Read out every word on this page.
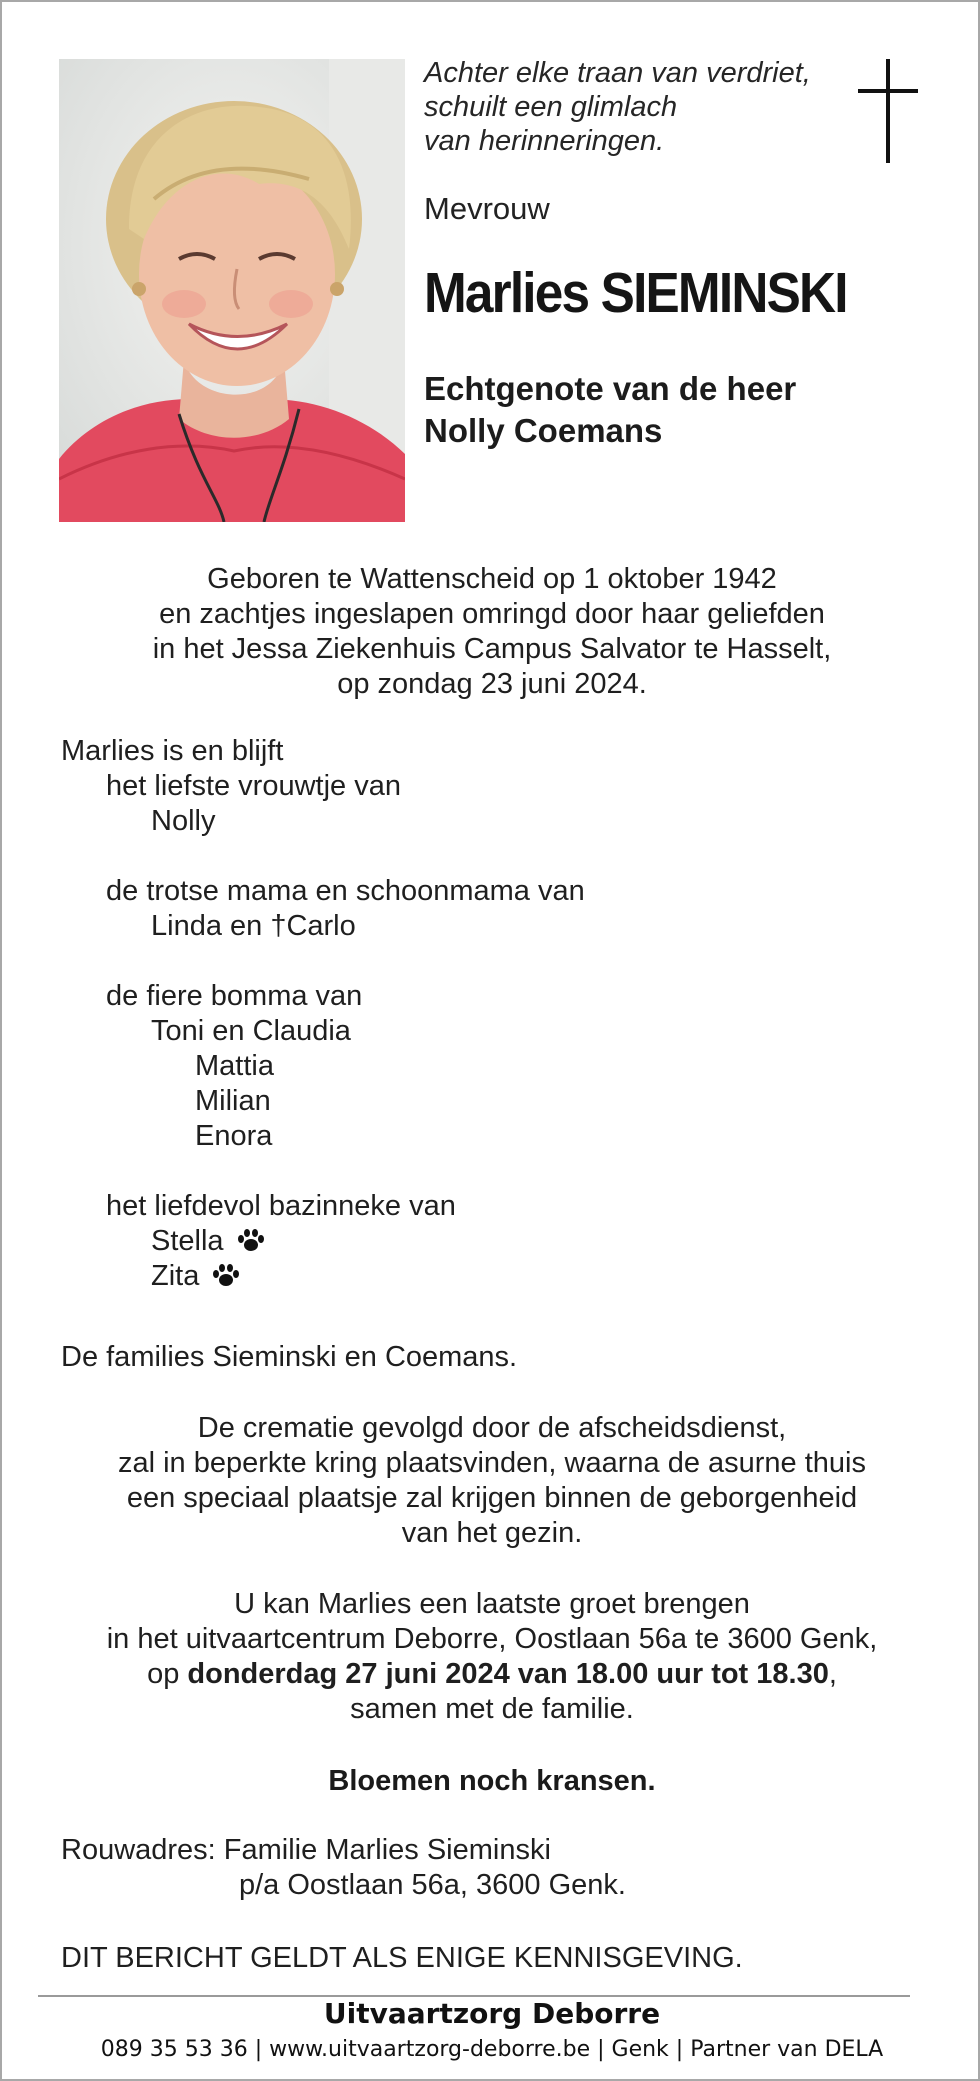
Achter elke traan van verdriet,
schuilt een glimlach
van herinneringen.
Mevrouw
Marlies SIEMINSKI
Echtgenote van de heer
Nolly Coemans
Geboren te Wattenscheid op 1 oktober 1942
en zachtjes ingeslapen omringd door haar geliefden
in het Jessa Ziekenhuis Campus Salvator te Hasselt,
op zondag 23 juni 2024.
Marlies is en blijft
het liefste vrouwtje van
Nolly
de trotse mama en schoonmama van
Linda en †Carlo
de fiere bomma van
Toni en Claudia
Mattia
Milian
Enora
het liefdevol bazinneke van
Stella
Zita
De families Sieminski en Coemans.
De crematie gevolgd door de afscheidsdienst,
zal in beperkte kring plaatsvinden, waarna de asurne thuis
een speciaal plaatsje zal krijgen binnen de geborgenheid
van het gezin.
U kan Marlies een laatste groet brengen
in het uitvaartcentrum Deborre, Oostlaan 56a te 3600 Genk,
op donderdag 27 juni 2024 van 18.00 uur tot 18.30,
samen met de familie.
Bloemen noch kransen.
Rouwadres: Familie Marlies Sieminski
p/a Oostlaan 56a, 3600 Genk.
DIT BERICHT GELDT ALS ENIGE KENNISGEVING.
Uitvaartzorg Deborre
089 35 53 36 | www.uitvaartzorg-deborre.be | Genk | Partner van DELA
